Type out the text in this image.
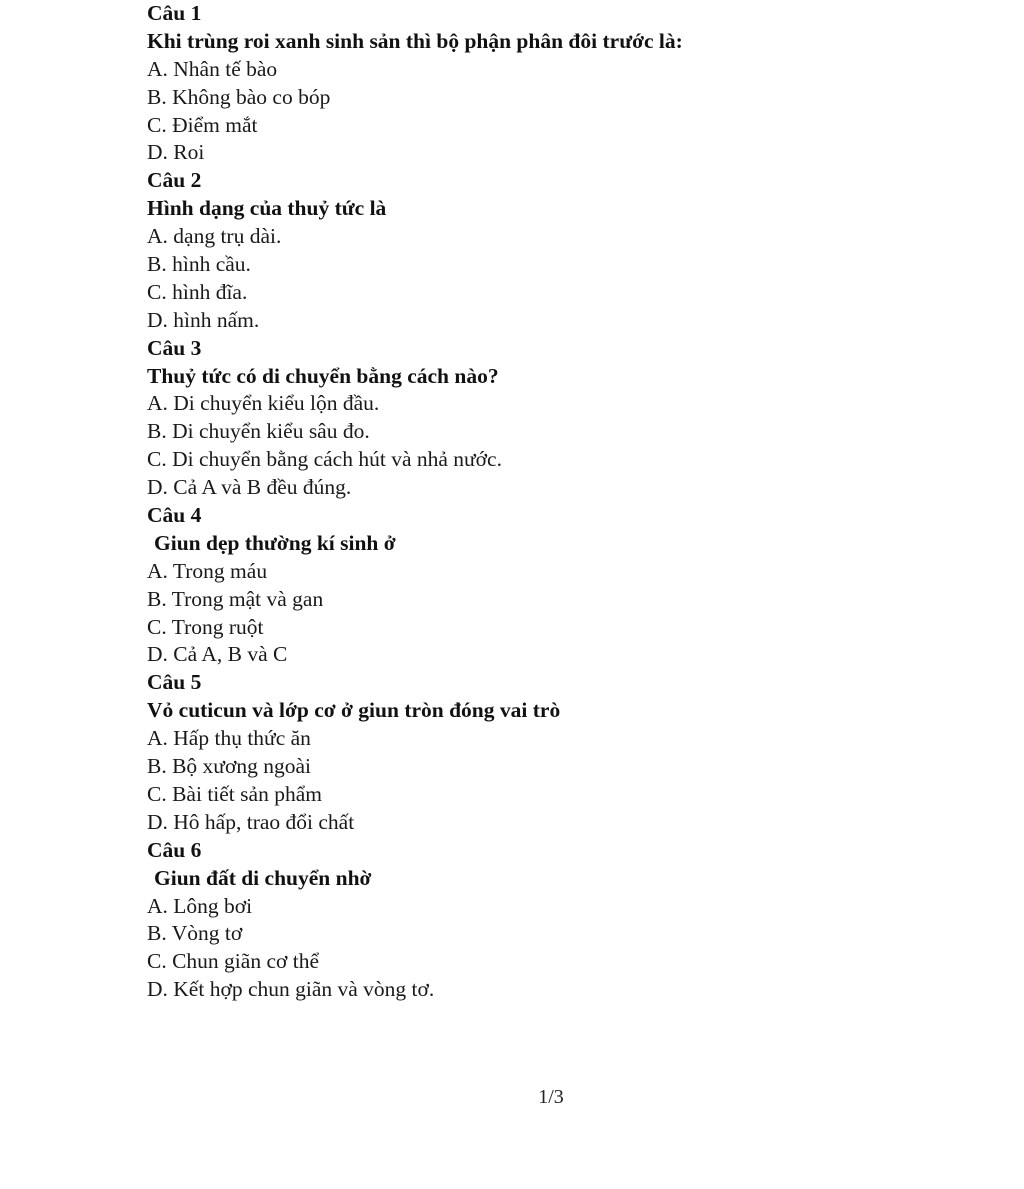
Câu 1
Khi trùng roi xanh sinh sản thì bộ phận phân đôi trước là:
A. Nhân tế bào
B. Không bào co bóp
C. Điểm mắt
D. Roi
Câu 2
Hình dạng của thuỷ tức là
A. dạng trụ dài.
B. hình cầu.
C. hình đĩa.
D. hình nấm.
Câu 3
Thuỷ tức có di chuyển bằng cách nào?
A. Di chuyển kiểu lộn đầu.
B. Di chuyển kiểu sâu đo.
C. Di chuyển bằng cách hút và nhả nước.
D. Cả A và B đều đúng.
Câu 4
Giun dẹp thường kí sinh ở
A. Trong máu
B. Trong mật và gan
C. Trong ruột
D. Cả A, B và C
Câu 5
Vỏ cuticun và lớp cơ ở giun tròn đóng vai trò
A. Hấp thụ thức ăn
B. Bộ xương ngoài
C. Bài tiết sản phẩm
D. Hô hấp, trao đổi chất
Câu 6
Giun đất di chuyển nhờ
A. Lông bơi
B. Vòng tơ
C. Chun giãn cơ thể
D. Kết hợp chun giãn và vòng tơ.
1/3
